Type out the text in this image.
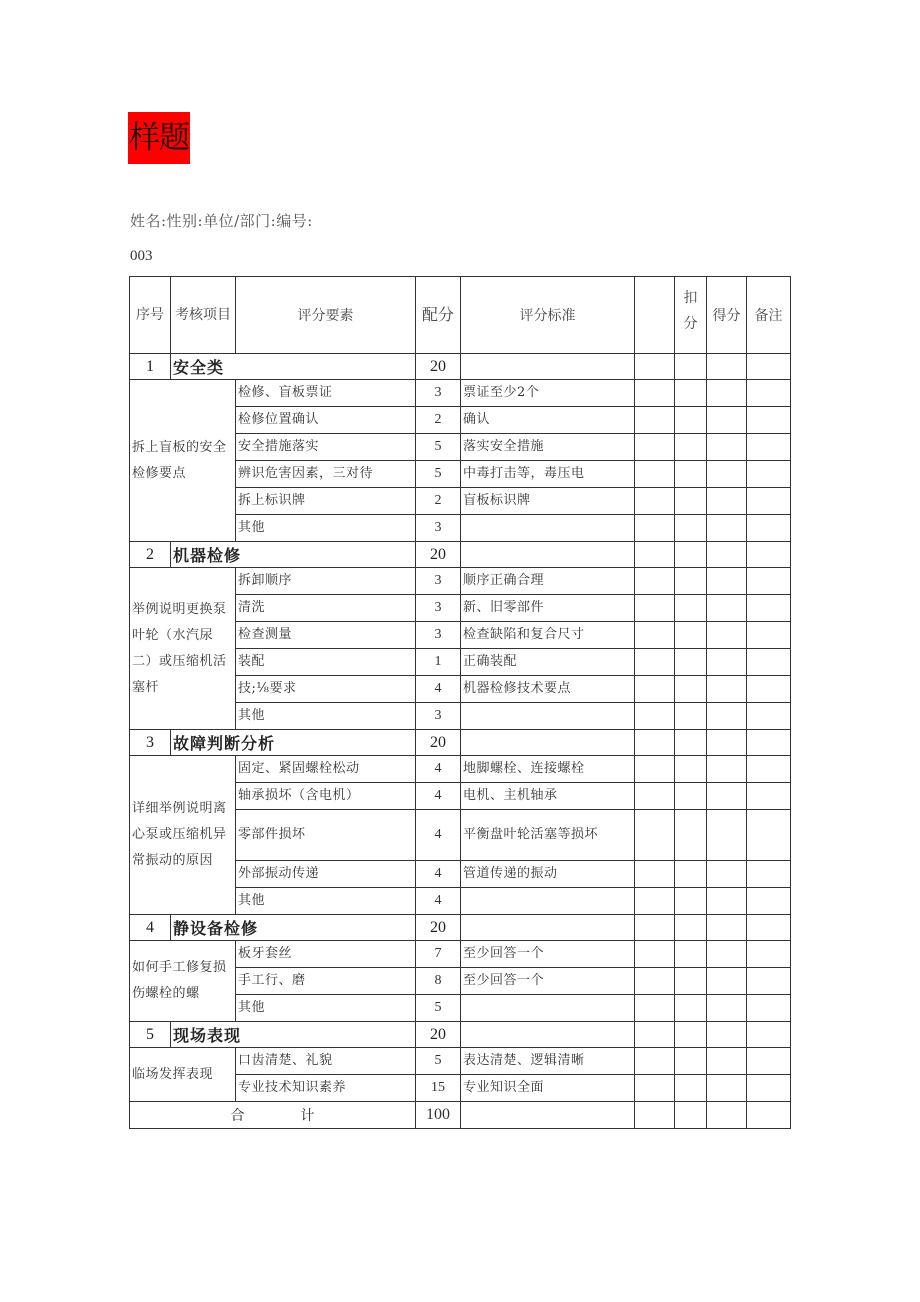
样题
姓名:性别:单位/部门:编号:
003
序号	考核项目	评分要素	配分	评分标准		扣分	得分	备注
1	安全类		20					
拆上盲板的安全检修要点		检修、盲板票证	3	票证至少2个				
		检修位置确认	2	确认				
		安全措施落实	5	落实安全措施				
		辨识危害因素，三对待	5	中毒打击等，毒压电				
		拆上标识牌	2	盲板标识牌				
		其他	3					
2	机器检修		20					
举例说明更换泵叶轮（水汽尿二）或压缩机活塞杆		拆卸顺序	3	顺序正确合理				
		清洗	3	新、旧零部件				
		检查测量	3	检查缺陷和复合尺寸				
		装配	1	正确装配				
		技;⅛要求	4	机器检修技术要点				
		其他	3					
3	故障判断分析		20					
详细举例说明离心泵或压缩机异常振动的原因		固定、紧固螺栓松动	4	地脚螺栓、连接螺栓				
		轴承损坏（含电机）	4	电机、主机轴承				
		零部件损坏	4	平衡盘叶轮活塞等损坏				
		外部振动传递	4	管道传递的振动				
		其他	4					
4	静设备检修		20					
如何手工修复损伤螺栓的螺		板牙套丝	7	至少回答一个				
		手工行、磨	8	至少回答一个				
		其他	5					
5	现场表现		20					
临场发挥表现		口齿清楚、礼貌	5	表达清楚、逻辑清晰				
		专业技术知识素养	15	专业知识全面				
合　　　　计			100					
